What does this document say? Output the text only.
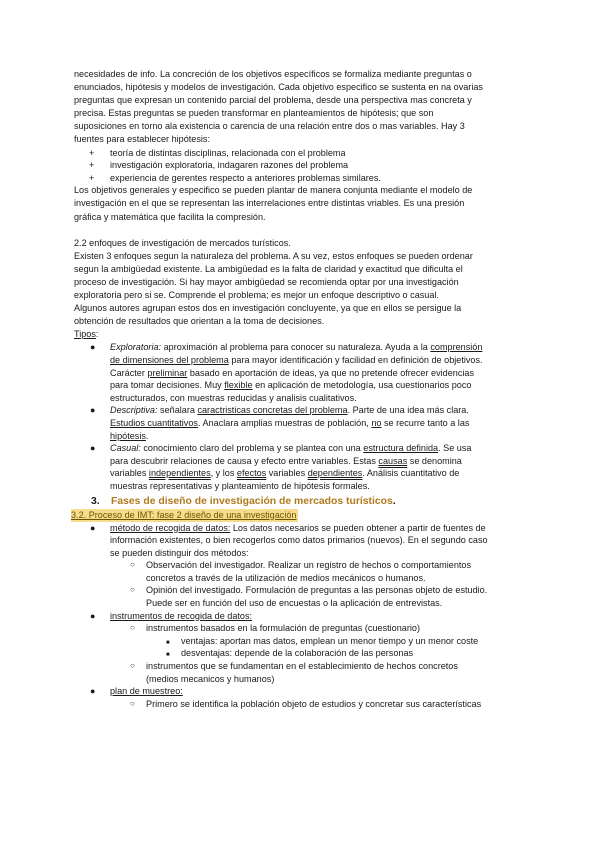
necesidades de info. La concreción de los objetivos específicos se formaliza mediante preguntas o
enunciados, hipótesis y modelos de investigación. Cada objetivo especifico se sustenta en na ovarias
preguntas que expresan un contenido parcial del problema, desde una perspectiva mas concreta y
precisa. Estas preguntas se pueden transformar en planteamientos de hipótesis; que son
suposiciones en torno ala existencia o carencia de una relación entre dos o mas variables. Hay 3
fuentes para establecer hipótesis:

+	teoría de distintas disciplinas, relacionada con el problema
+	investigación exploratoria, indagaren razones del problema
+	experiencia de gerentes respecto a anteriores problemas similares.

Los objetivos generales y especifico se pueden plantar de manera conjunta mediante el modelo de
investigación en el que se representan las interrelaciones entre distintas vriables. Es una presión
gráfica y matemática que facilita la compresión.

2.2 enfoques de investigación de mercados turísticos.
Existen 3 enfoques segun la naturaleza del problema. A su vez, estos enfoques se pueden ordenar
segun la ambigüedad existente. La ambigüedad es la falta de claridad y exactitud que dificulta el
proceso de investigación. Si hay mayor ambigüedad se recomienda optar por una investigación
exploratoria pero si se. Comprende el problema; es mejor un enfoque descriptivo o casual.
Algunos autores agrupan estos dos en investigación concluyente, ya que en ellos se persigue la
obtención de resultados que orientan a la toma de decisiones.
Tipos:

● Exploratoria: aproximación al problema para conocer su naturaleza. Ayuda a la comprensión
de dimensiones del problema para mayor identificación y facilidad en definición de objetivos.
Carácter preliminar basado en aportación de ideas, ya que no pretende ofrecer evidencias
para tomar decisiones. Muy flexible en aplicación de metodología, usa cuestionarios poco
estructurados, con muestras reducidas y analisis cualitativos.
● Descriptiva: señalara caractristicas concretas del problema. Parte de una idea más clara.
Estudios cuantitativos. Anaclara amplias muestras de población, no se recurre tanto a las
hipótesis.
● Casual: conocimiento claro del problema y se plantea con una estructura definida. Se usa
para descubrir relaciones de causa y efecto entre variables. Estas causas se denomina
variables independientes, y los efectos variables dependientes. Análisis cuantitativo de
muestras representativas y planteamiento de hipótesis formales.
3. Fases de diseño de investigación de mercados turísticos.
3.2. Proceso de IMT: fase 2 diseño de una investigación
● método de recogida de datos: Los datos necesarios se pueden obtener a partir de fuentes de
información existentes, o bien recogerlos como datos primarios (nuevos). En el segundo caso
se pueden distinguir dos métodos:
○ Observación del investigador. Realizar un registro de hechos o comportamientos
concretos a través de la utilización de medios mecánicos o humanos.
○ Opinión del investigado. Formulación de preguntas a las personas objeto de estudio.
Puede ser en función del uso de encuestas o la aplicación de entrevistas.
●	instrumentos de recogida de datos:
○	instrumentos basados en la formulación de preguntas (cuestionario)
■	ventajas: aportan mas datos, emplean un menor tiempo y un menor coste
■	desventajas: depende de la colaboración de las personas
○ instrumentos que se fundamentan en el establecimiento de hechos concretos
(medios mecanicos y humanos)
●	plan de muestreo:
○	Primero se identifica la población objeto de estudios y concretar sus características
